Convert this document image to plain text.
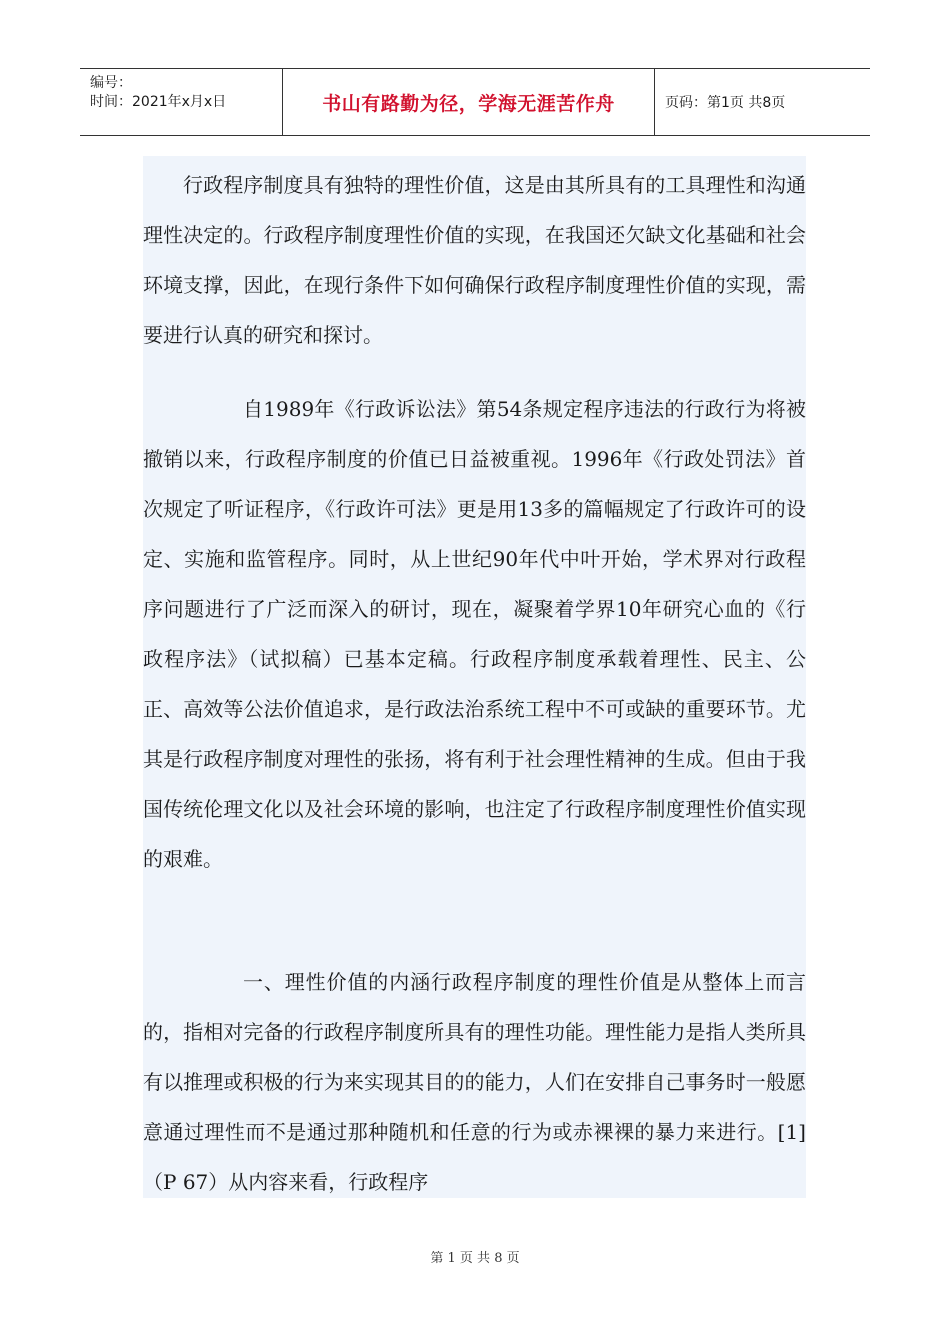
编号：
时间：2021年x月x日	书山有路勤为径，学海无涯苦作舟	页码：第1页 共8页
行政程序制度具有独特的理性价值，这是由其所具有的工具理性和沟通理性决定的。行政程序制度理性价值的实现，在我国还欠缺文化基础和社会环境支撑，因此，在现行条件下如何确保行政程序制度理性价值的实现，需要进行认真的研究和探讨。
自1989年《行政诉讼法》第54条规定程序违法的行政行为将被撤销以来，行政程序制度的价值已日益被重视。1996年《行政处罚法》首次规定了听证程序，《行政许可法》更是用13多的篇幅规定了行政许可的设定、实施和监管程序。同时，从上世纪90年代中叶开始，学术界对行政程序问题进行了广泛而深入的研讨，现在，凝聚着学界10年研究心血的《行政程序法》（试拟稿）已基本定稿。行政程序制度承载着理性、民主、公正、高效等公法价值追求，是行政法治系统工程中不可或缺的重要环节。尤其是行政程序制度对理性的张扬，将有利于社会理性精神的生成。但由于我国传统伦理文化以及社会环境的影响，也注定了行政程序制度理性价值实现的艰难。
一、理性价值的内涵行政程序制度的理性价值是从整体上而言的，指相对完备的行政程序制度所具有的理性功能。理性能力是指人类所具有以推理或积极的行为来实现其目的的能力，人们在安排自己事务时一般愿意通过理性而不是通过那种随机和任意的行为或赤裸裸的暴力来进行。[1]（P 67）从内容来看，行政程序
第 1 页 共 8 页
